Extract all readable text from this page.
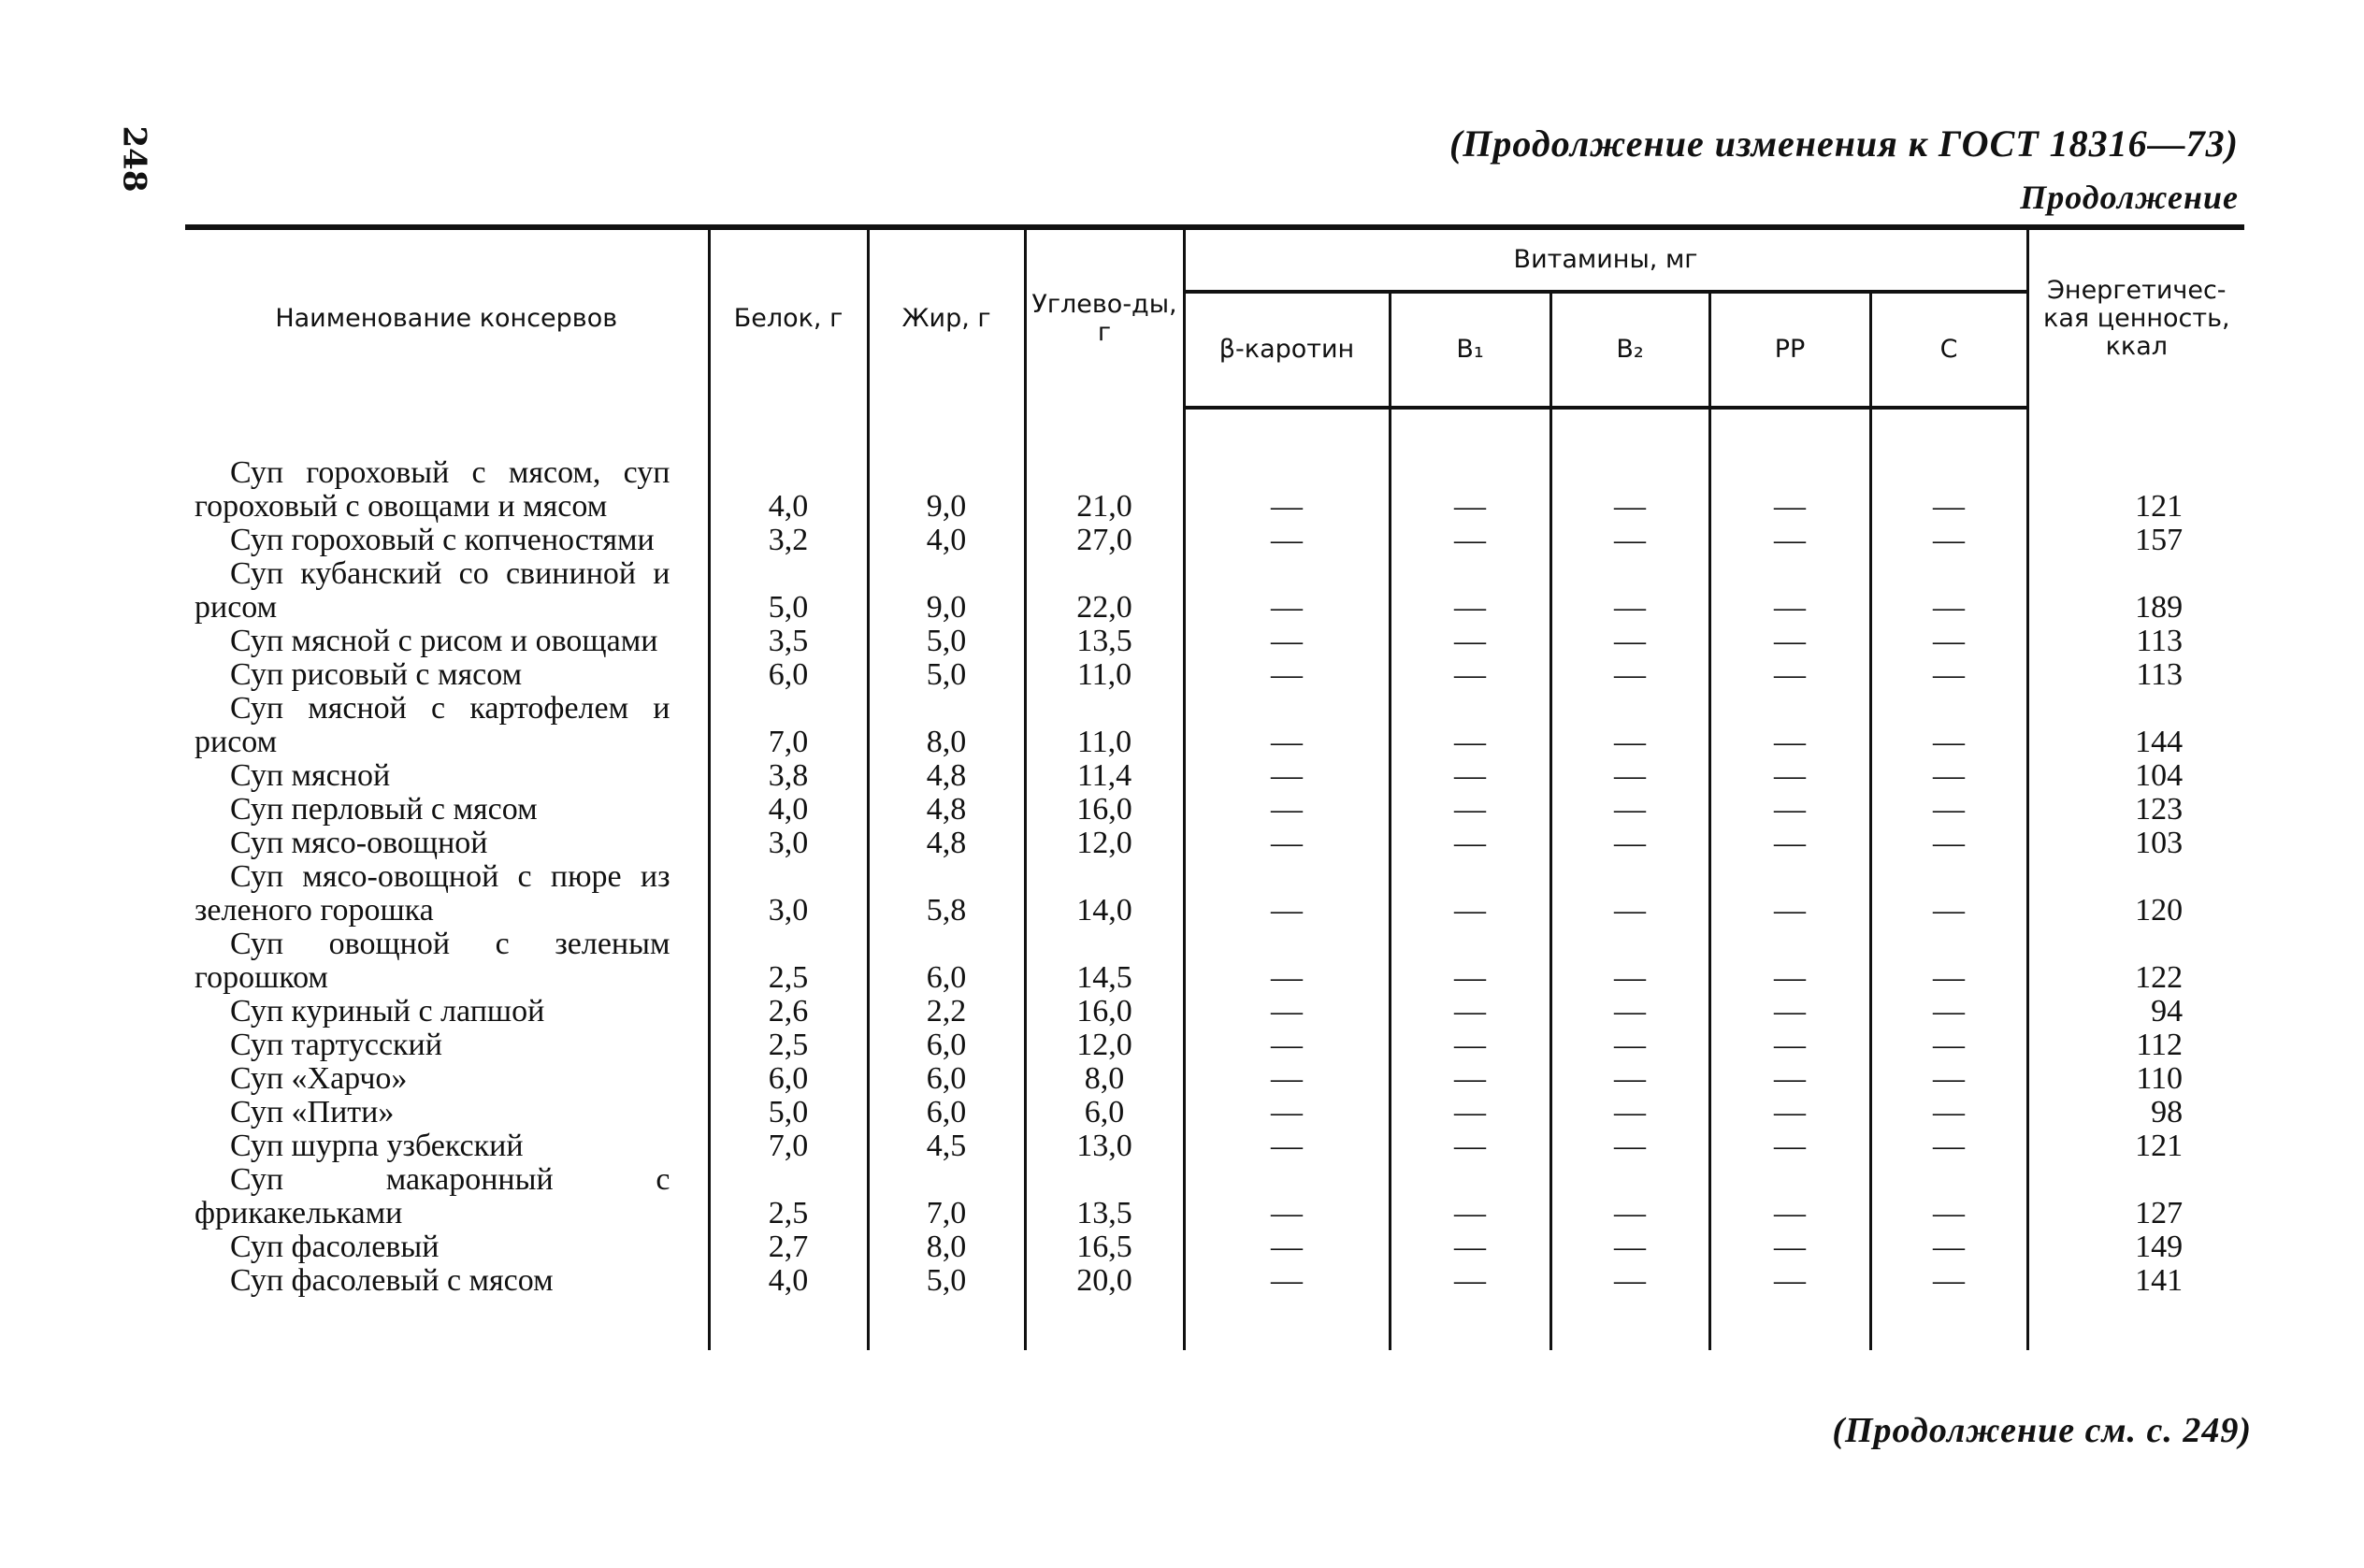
248	(Продолжение изменения к ГОСТ 18316—73)
Продолжение
Наименование консервов	Белок, г	Жир, г	Углево-ды, г	Витамины, мг					Энергетичес-кая ценность, ккал
				β-каротин	B₁	B₂	РР	С	

Суп гороховый с мясом, суп гороховый с овощами и мясом	4,0	9,0	21,0	—	—	—	—	—	121

Суп гороховый с копченостями	3,2	4,0	27,0	—	—	—	—	—	157

Суп кубанский со свининой и рисом	5,0	9,0	22,0	—	—	—	—	—	189

Суп мясной с рисом и овощами	3,5	5,0	13,5	—	—	—	—	—	113

Суп рисовый с мясом	6,0	5,0	11,0	—	—	—	—	—	113

Суп мясной с картофелем и рисом	7,0	8,0	11,0	—	—	—	—	—	144

Суп мясной	3,8	4,8	11,4	—	—	—	—	—	104

Суп перловый с мясом	4,0	4,8	16,0	—	—	—	—	—	123

Суп мясо-овощной	3,0	4,8	12,0	—	—	—	—	—	103

Суп мясо-овощной с пюре из зеленого горошка	3,0	5,8	14,0	—	—	—	—	—	120

Суп овощной с зеленым горошком	2,5	6,0	14,5	—	—	—	—	—	122

Суп куриный с лапшой	2,6	2,2	16,0	—	—	—	—	—	94

Суп тартусский	2,5	6,0	12,0	—	—	—	—	—	112

Суп «Харчо»	6,0	6,0	8,0	—	—	—	—	—	110

Суп «Пити»	5,0	6,0	6,0	—	—	—	—	—	98

Суп шурпа узбекский	7,0	4,5	13,0	—	—	—	—	—	121

Суп макаронный с фрикакельками	2,5	7,0	13,5	—	—	—	—	—	127

Суп фасолевый	2,7	8,0	16,5	—	—	—	—	—	149

Суп фасолевый с мясом	4,0	5,0	20,0	—	—	—	—	—	141

(Продолжение см. с. 249)
